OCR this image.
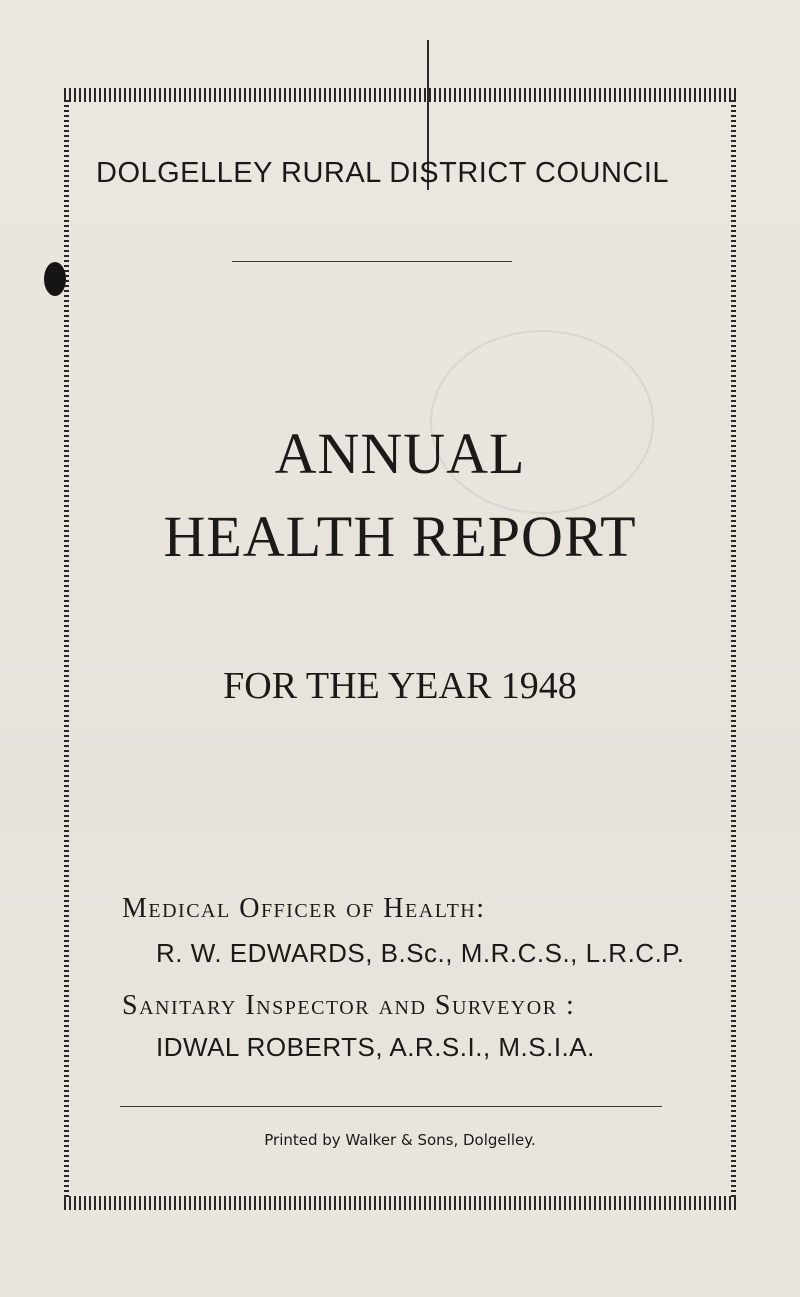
DOLGELLEY RURAL DISTRICT COUNCIL
ANNUAL
HEALTH REPORT
FOR THE YEAR 1948
Medical Officer of Health:
R. W. EDWARDS, B.Sc., M.R.C.S., L.R.C.P.
Sanitary Inspector and Surveyor :
IDWAL ROBERTS, A.R.S.I., M.S.I.A.
Printed by Walker & Sons, Dolgelley.
